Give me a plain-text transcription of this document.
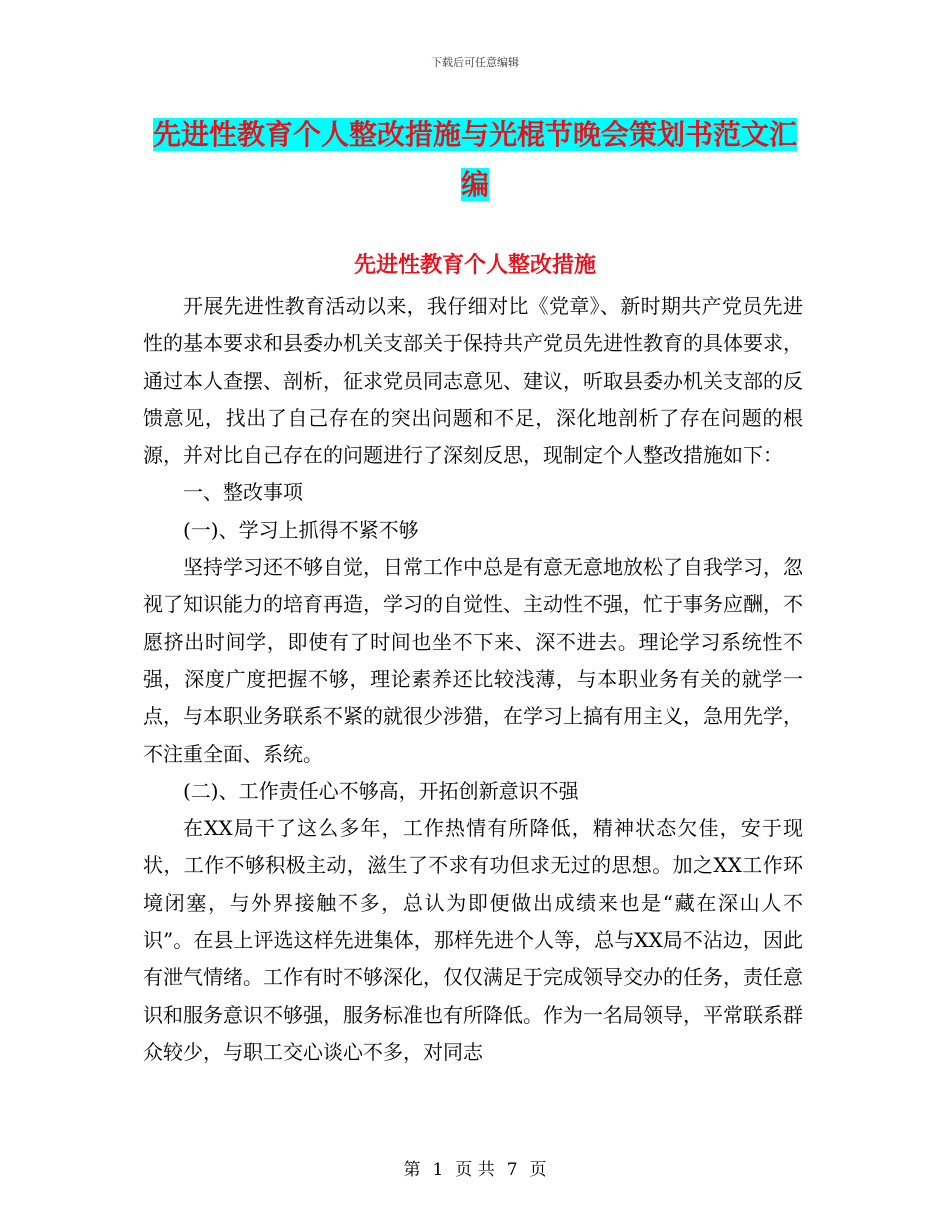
下载后可任意编辑
先进性教育个人整改措施与光棍节晚会策划书范文汇
编
先进性教育个人整改措施

开展先进性教育活动以来，我仔细对比《党章》、新时期共产党员先进性的基本要求和县委办机关支部关于保持共产党员先进性教育的具体要求，通过本人查摆、剖析，征求党员同志意见、建议，听取县委办机关支部的反馈意见，找出了自己存在的突出问题和不足，深化地剖析了存在问题的根源，并对比自己存在的问题进行了深刻反思，现制定个人整改措施如下：

一、整改事项

(一)、学习上抓得不紧不够

坚持学习还不够自觉，日常工作中总是有意无意地放松了自我学习，忽视了知识能力的培育再造，学习的自觉性、主动性不强，忙于事务应酬，不愿挤出时间学，即使有了时间也坐不下来、深不进去。理论学习系统性不强，深度广度把握不够，理论素养还比较浅薄，与本职业务有关的就学一点，与本职业务联系不紧的就很少涉猎，在学习上搞有用主义，急用先学，不注重全面、系统。

(二)、工作责任心不够高，开拓创新意识不强

在XX局干了这么多年，工作热情有所降低，精神状态欠佳，安于现状，工作不够积极主动，滋生了不求有功但求无过的思想。加之XX工作环境闭塞，与外界接触不多，总认为即便做出成绩来也是“藏在深山人不识”。在县上评选这样先进集体，那样先进个人等，总与XX局不沾边，因此有泄气情绪。工作有时不够深化，仅仅满足于完成领导交办的任务，责任意识和服务意识不够强，服务标准也有所降低。作为一名局领导，平常联系群众较少，与职工交心谈心不多，对同志

第 1 页 共 7 页
